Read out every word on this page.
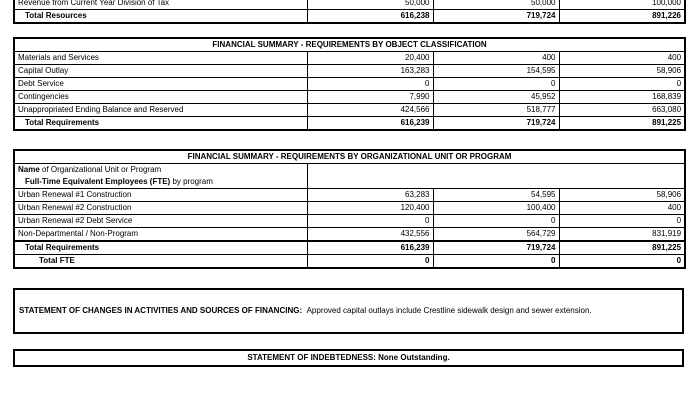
Revenue from Current Year Division of Tax	50,000	50,000	100,000
Total Resources	616,238	719,724	891,226
FINANCIAL SUMMARY - REQUIREMENTS BY OBJECT CLASSIFICATION			
Materials and Services	20,400	400	400
Capital Outlay	163,283	154,595	58,906
Debt Service	0	0	0
Contingencies	7,990	45,952	168,839
Unappropriated Ending Balance and Reserved	424,566	518,777	663,080
Total Requirements	616,239	719,724	891,225
FINANCIAL SUMMARY - REQUIREMENTS BY ORGANIZATIONAL UNIT OR PROGRAM			
Name of Organizational Unit or Program			
Full-Time Equivalent Employees (FTE) by program			
Urban Renewal #1 Construction	63,283	54,595	58,906
Urban Renewal #2 Construction	120,400	100,400	400
Urban Renewal #2 Debt Service	0	0	0
Non-Departmental / Non-Program	432,556	564,729	831,919
Total Requirements	616,239	719,724	891,225
Total FTE	0	0	0
STATEMENT OF CHANGES IN ACTIVITIES AND SOURCES OF FINANCING: Approved capital outlays include Crestline sidewalk design and sewer extension.
STATEMENT OF INDEBTEDNESS: None Outstanding.
